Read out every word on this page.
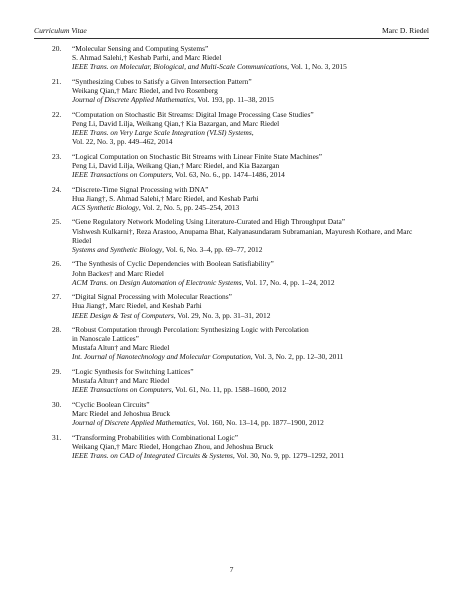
Curriculum Vitae	Marc D. Riedel
20. “Molecular Sensing and Computing Systems”
S. Ahmad Salehi,† Keshab Parhi, and Marc Riedel
IEEE Trans. on Molecular, Biological, and Multi-Scale Communications, Vol. 1, No. 3, 2015
21. “Synthesizing Cubes to Satisfy a Given Intersection Pattern”
Weikang Qian,† Marc Riedel, and Ivo Rosenberg
Journal of Discrete Applied Mathematics, Vol. 193, pp. 11–38, 2015
22. “Computation on Stochastic Bit Streams: Digital Image Processing Case Studies”
Peng Li, David Lilja, Weikang Qian,† Kia Bazargan, and Marc Riedel
IEEE Trans. on Very Large Scale Integration (VLSI) Systems,
Vol. 22, No. 3, pp. 449–462, 2014
23. “Logical Computation on Stochastic Bit Streams with Linear Finite State Machines”
Peng Li, David Lilja, Weikang Qian,† Marc Riedel, and Kia Bazargan
IEEE Transactions on Computers, Vol. 63, No. 6., pp. 1474–1486, 2014
24. “Discrete-Time Signal Processing with DNA”
Hua Jiang†, S. Ahmad Salehi,† Marc Riedel, and Keshab Parhi
ACS Synthetic Biology, Vol. 2, No. 5, pp. 245–254, 2013
25. “Gene Regulatory Network Modeling Using Literature-Curated and High Throughput Data”
Vishwesh Kulkarni†, Reza Arastoo, Anupama Bhat, Kalyanasundaram Subramanian, Mayuresh Kothare, and Marc Riedel
Systems and Synthetic Biology, Vol. 6, No. 3–4, pp. 69–77, 2012
26. “The Synthesis of Cyclic Dependencies with Boolean Satisfiability”
John Backes† and Marc Riedel
ACM Trans. on Design Automation of Electronic Systems, Vol. 17, No. 4, pp. 1–24, 2012
27. “Digital Signal Processing with Molecular Reactions”
Hua Jiang†, Marc Riedel, and Keshab Parhi
IEEE Design & Test of Computers, Vol. 29, No. 3, pp. 31–31, 2012
28. “Robust Computation through Percolation: Synthesizing Logic with Percolation
in Nanoscale Lattices”
Mustafa Altun† and Marc Riedel
Int. Journal of Nanotechnology and Molecular Computation, Vol. 3, No. 2, pp. 12–30, 2011
29. “Logic Synthesis for Switching Lattices”
Mustafa Altun† and Marc Riedel
IEEE Transactions on Computers, Vol. 61, No. 11, pp. 1588–1600, 2012
30. “Cyclic Boolean Circuits”
Marc Riedel and Jehoshua Bruck
Journal of Discrete Applied Mathematics, Vol. 160, No. 13–14, pp. 1877–1900, 2012
31. “Transforming Probabilities with Combinational Logic”
Weikang Qian,† Marc Riedel, Hongchao Zhou, and Jehoshua Bruck
IEEE Trans. on CAD of Integrated Circuits & Systems, Vol. 30, No. 9, pp. 1279–1292, 2011
7
